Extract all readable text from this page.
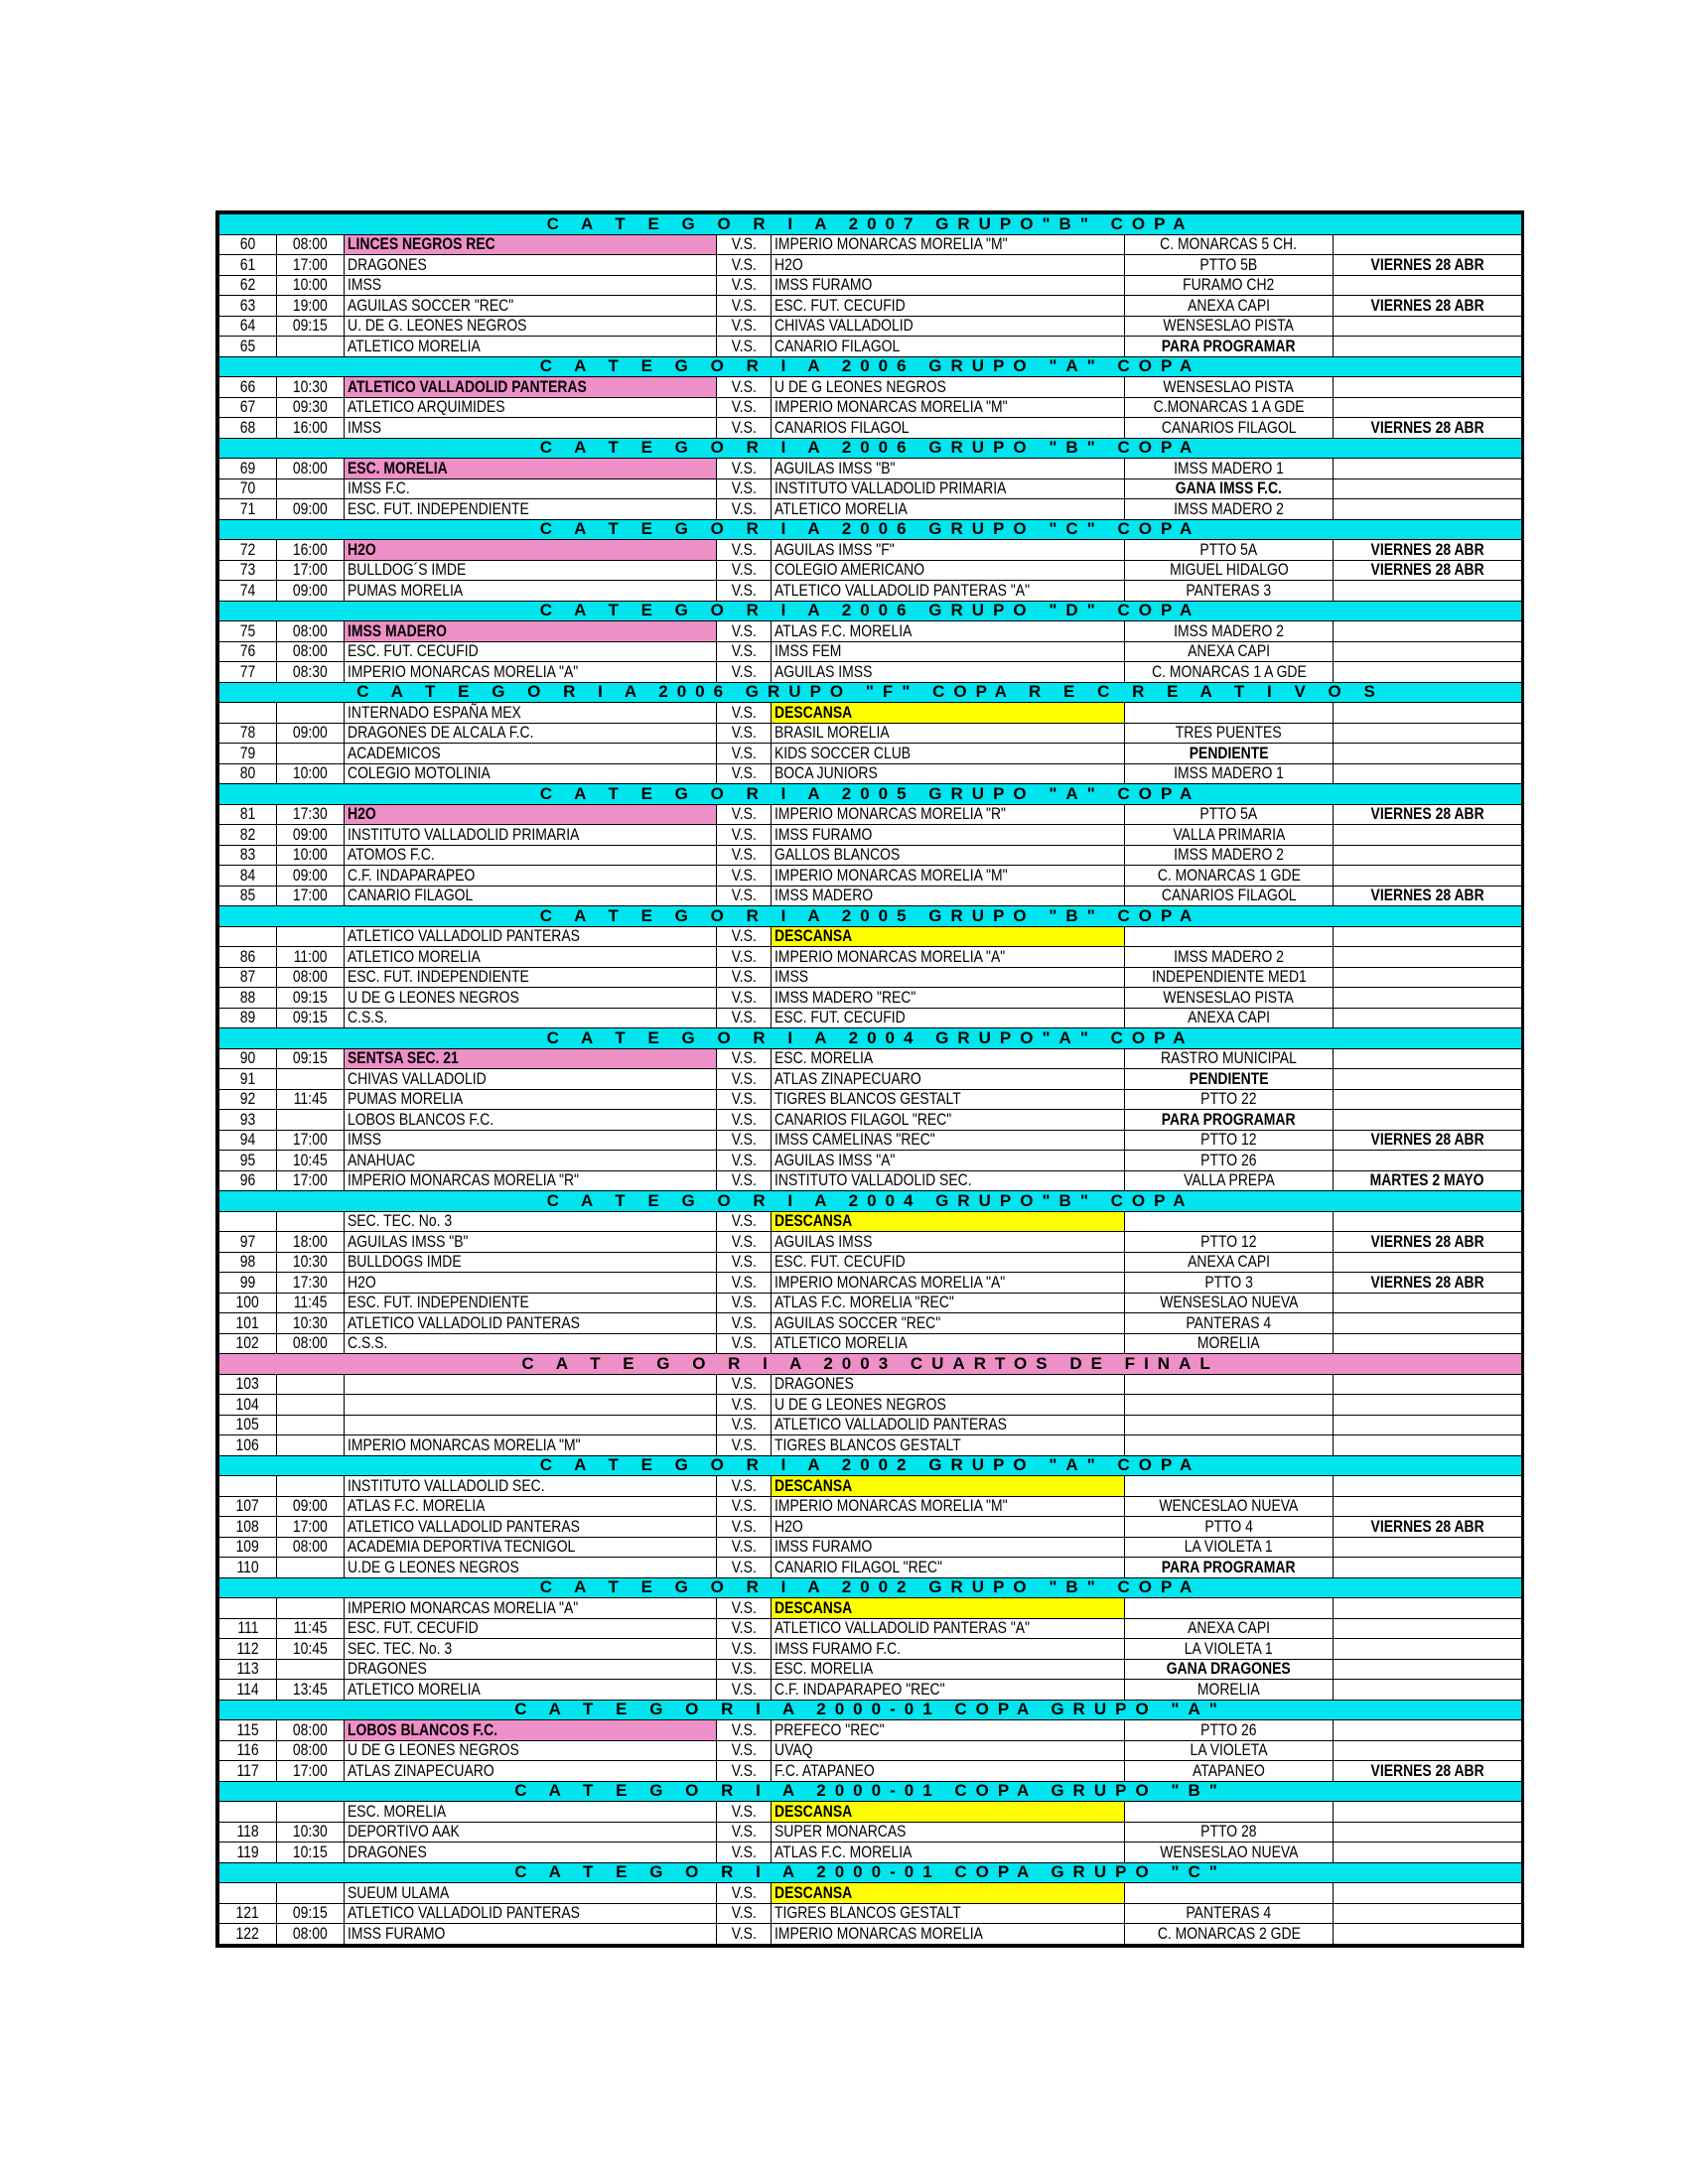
C A T E G O R I A 2007 GRUPO"B" COPA						
60	08:00	LINCES NEGROS REC	V.S.	IMPERIO MONARCAS MORELIA "M"	C. MONARCAS 5 CH.	
61	17:00	DRAGONES	V.S.	H2O	PTTO 5B	VIERNES 28 ABR
62	10:00	IMSS	V.S.	IMSS FURAMO	FURAMO CH2	
63	19:00	AGUILAS SOCCER "REC"	V.S.	ESC. FUT. CECUFID	ANEXA CAPI	VIERNES 28 ABR
64	09:15	U. DE G. LEONES NEGROS	V.S.	CHIVAS VALLADOLID	WENSESLAO PISTA	
65		ATLETICO MORELIA	V.S.	CANARIO FILAGOL	PARA PROGRAMAR	
C A T E G O R I A 2006 GRUPO "A" COPA						
66	10:30	ATLETICO VALLADOLID PANTERAS	V.S.	U DE G LEONES NEGROS	WENSESLAO PISTA	
67	09:30	ATLETICO ARQUIMIDES	V.S.	IMPERIO MONARCAS MORELIA "M"	C.MONARCAS 1 A GDE	
68	16:00	IMSS	V.S.	CANARIOS FILAGOL	CANARIOS FILAGOL	VIERNES 28 ABR
C A T E G O R I A 2006 GRUPO "B" COPA						
69	08:00	ESC. MORELIA	V.S.	AGUILAS IMSS "B"	IMSS MADERO 1	
70		IMSS F.C.	V.S.	INSTITUTO VALLADOLID PRIMARIA	GANA IMSS F.C.	
71	09:00	ESC. FUT. INDEPENDIENTE	V.S.	ATLETICO MORELIA	IMSS MADERO 2	
C A T E G O R I A 2006 GRUPO "C" COPA						
72	16:00	H2O	V.S.	AGUILAS IMSS "F"	PTTO 5A	VIERNES 28 ABR
73	17:00	BULLDOG´S IMDE	V.S.	COLEGIO AMERICANO	MIGUEL HIDALGO	VIERNES 28 ABR
74	09:00	PUMAS MORELIA	V.S.	ATLETICO VALLADOLID PANTERAS "A"	PANTERAS 3	
C A T E G O R I A 2006 GRUPO "D" COPA						
75	08:00	IMSS MADERO	V.S.	ATLAS F.C. MORELIA	IMSS MADERO 2	
76	08:00	ESC. FUT. CECUFID	V.S.	IMSS FEM	ANEXA CAPI	
77	08:30	IMPERIO MONARCAS MORELIA "A"	V.S.	AGUILAS IMSS	C. MONARCAS 1 A GDE	
C A T E G O R I A 2006 GRUPO "F" COPA R E C R E A T I V O S						
		INTERNADO ESPAÑA MEX	V.S.	DESCANSA		
78	09:00	DRAGONES DE ALCALA F.C.	V.S.	BRASIL MORELIA	TRES PUENTES	
79		ACADEMICOS	V.S.	KIDS SOCCER CLUB	PENDIENTE	
80	10:00	COLEGIO MOTOLINIA	V.S.	BOCA JUNIORS	IMSS MADERO 1	
C A T E G O R I A 2005 GRUPO "A" COPA						
81	17:30	H2O	V.S.	IMPERIO MONARCAS MORELIA "R"	PTTO 5A	VIERNES 28 ABR
82	09:00	INSTITUTO VALLADOLID PRIMARIA	V.S.	IMSS FURAMO	VALLA PRIMARIA	
83	10:00	ATOMOS F.C.	V.S.	GALLOS BLANCOS	IMSS MADERO 2	
84	09:00	C.F. INDAPARAPEO	V.S.	IMPERIO MONARCAS MORELIA "M"	C. MONARCAS 1 GDE	
85	17:00	CANARIO FILAGOL	V.S.	IMSS MADERO	CANARIOS FILAGOL	VIERNES 28 ABR
C A T E G O R I A 2005 GRUPO "B" COPA						
		ATLETICO VALLADOLID PANTERAS	V.S.	DESCANSA		
86	11:00	ATLETICO MORELIA	V.S.	IMPERIO MONARCAS MORELIA "A"	IMSS MADERO 2	
87	08:00	ESC. FUT. INDEPENDIENTE	V.S.	IMSS	INDEPENDIENTE MED1	
88	09:15	U DE G LEONES NEGROS	V.S.	IMSS MADERO "REC"	WENSESLAO PISTA	
89	09:15	C.S.S.	V.S.	ESC. FUT. CECUFID	ANEXA CAPI	
C A T E G O R I A 2004 GRUPO"A" COPA						
90	09:15	SENTSA SEC. 21	V.S.	ESC. MORELIA	RASTRO MUNICIPAL	
91		CHIVAS VALLADOLID	V.S.	ATLAS ZINAPECUARO	PENDIENTE	
92	11:45	PUMAS MORELIA	V.S.	TIGRES BLANCOS GESTALT	PTTO 22	
93		LOBOS BLANCOS F.C.	V.S.	CANARIOS FILAGOL "REC"	PARA PROGRAMAR	
94	17:00	IMSS	V.S.	IMSS CAMELINAS "REC"	PTTO 12	VIERNES 28 ABR
95	10:45	ANAHUAC	V.S.	AGUILAS IMSS "A"	PTTO 26	
96	17:00	IMPERIO MONARCAS MORELIA "R"	V.S.	INSTITUTO VALLADOLID SEC.	VALLA PREPA	MARTES 2 MAYO
C A T E G O R I A 2004 GRUPO"B" COPA						
		SEC. TEC. No. 3	V.S.	DESCANSA		
97	18:00	AGUILAS IMSS "B"	V.S.	AGUILAS IMSS	PTTO 12	VIERNES 28 ABR
98	10:30	BULLDOGS IMDE	V.S.	ESC. FUT. CECUFID	ANEXA CAPI	
99	17:30	H2O	V.S.	IMPERIO MONARCAS MORELIA "A"	PTTO 3	VIERNES 28 ABR
100	11:45	ESC. FUT. INDEPENDIENTE	V.S.	ATLAS F.C. MORELIA "REC"	WENSESLAO NUEVA	
101	10:30	ATLETICO VALLADOLID PANTERAS	V.S.	AGUILAS SOCCER "REC"	PANTERAS 4	
102	08:00	C.S.S.	V.S.	ATLETICO MORELIA	MORELIA	
C A T E G O R I A 2003 CUARTOS DE FINAL						
103			V.S.	DRAGONES		
104			V.S.	U DE G LEONES NEGROS		
105			V.S.	ATLETICO VALLADOLID PANTERAS		
106		IMPERIO MONARCAS MORELIA "M"	V.S.	TIGRES BLANCOS GESTALT		
C A T E G O R I A 2002 GRUPO "A" COPA						
		INSTITUTO VALLADOLID SEC.	V.S.	DESCANSA		
107	09:00	ATLAS F.C. MORELIA	V.S.	IMPERIO MONARCAS MORELIA "M"	WENCESLAO NUEVA	
108	17:00	ATLETICO VALLADOLID PANTERAS	V.S.	H2O	PTTO 4	VIERNES 28 ABR
109	08:00	ACADEMIA DEPORTIVA TECNIGOL	V.S.	IMSS FURAMO	LA VIOLETA 1	
110		U.DE G LEONES NEGROS	V.S.	CANARIO FILAGOL "REC"	PARA PROGRAMAR	
C A T E G O R I A 2002 GRUPO "B" COPA						
		IMPERIO MONARCAS MORELIA "A"	V.S.	DESCANSA		
111	11:45	ESC. FUT. CECUFID	V.S.	ATLETICO VALLADOLID PANTERAS "A"	ANEXA CAPI	
112	10:45	SEC. TEC. No. 3	V.S.	IMSS FURAMO F.C.	LA VIOLETA 1	
113		DRAGONES	V.S.	ESC. MORELIA	GANA DRAGONES	
114	13:45	ATLETICO MORELIA	V.S.	C.F. INDAPARAPEO "REC"	MORELIA	
C A T E G O R I A 2000-01 COPA GRUPO "A"						
115	08:00	LOBOS BLANCOS F.C.	V.S.	PREFECO "REC"	PTTO 26	
116	08:00	U DE G LEONES NEGROS	V.S.	UVAQ	LA VIOLETA	
117	17:00	ATLAS ZINAPECUARO	V.S.	F.C. ATAPANEO	ATAPANEO	VIERNES 28 ABR
C A T E G O R I A 2000-01 COPA GRUPO "B"						
		ESC. MORELIA	V.S.	DESCANSA		
118	10:30	DEPORTIVO AAK	V.S.	SUPER MONARCAS	PTTO 28	
119	10:15	DRAGONES	V.S.	ATLAS F.C. MORELIA	WENSESLAO NUEVA	
C A T E G O R I A 2000-01 COPA GRUPO "C"						
		SUEUM ULAMA	V.S.	DESCANSA		
121	09:15	ATLETICO VALLADOLID PANTERAS	V.S.	TIGRES BLANCOS GESTALT	PANTERAS 4	
122	08:00	IMSS FURAMO	V.S.	IMPERIO MONARCAS MORELIA	C. MONARCAS 2 GDE	
